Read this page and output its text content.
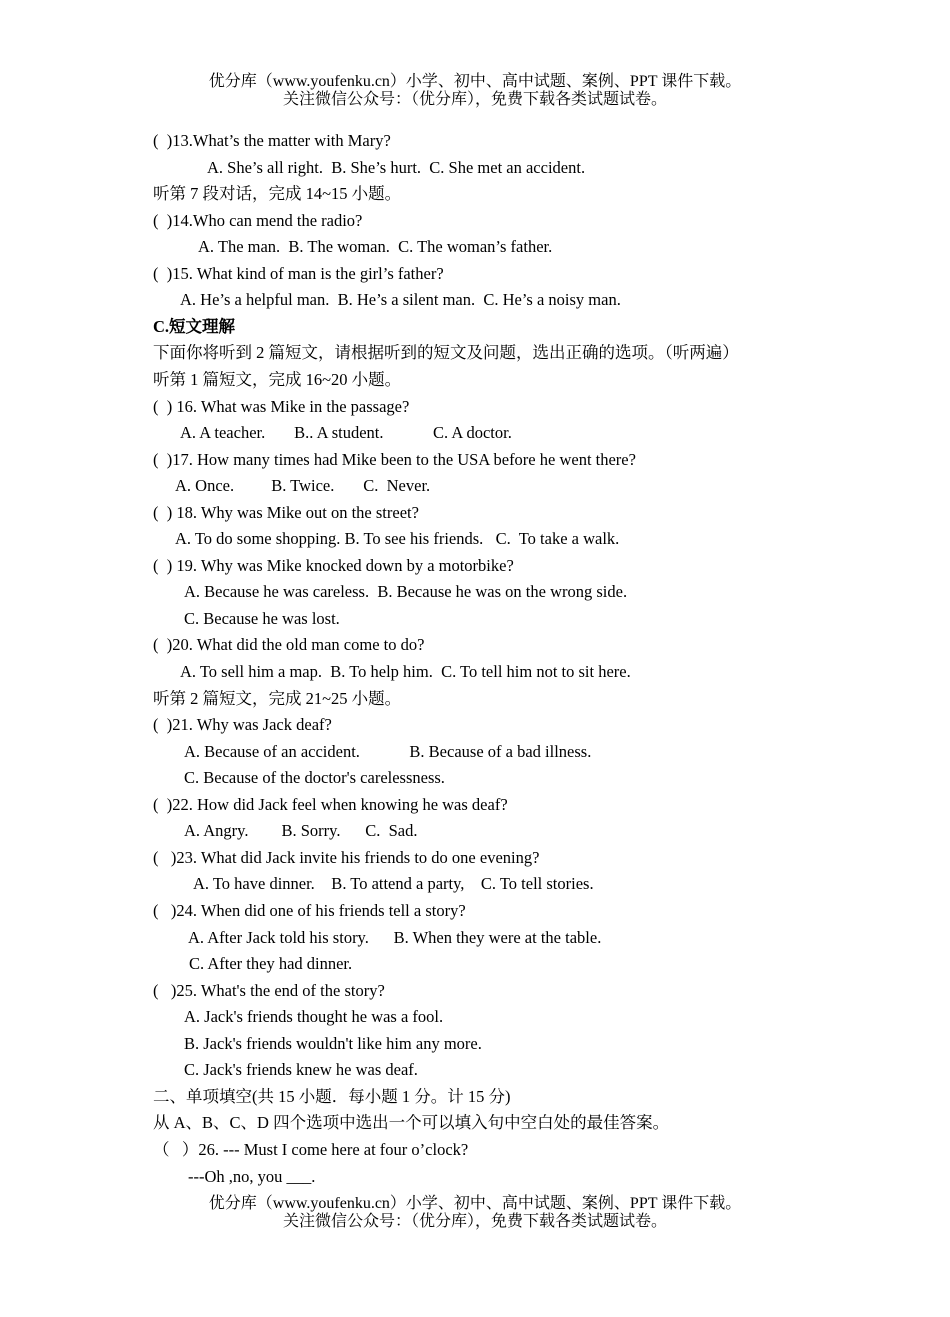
优分库（www.youfenku.cn）小学、初中、高中试题、案例、PPT 课件下载。
关注微信公众号：（优分库），免费下载各类试题试卷。
(  )13.What’s the matter with Mary?
A. She’s all right.  B. She’s hurt.  C. She met an accident.
听第 7 段对话，完成 14~15 小题。
(  )14.Who can mend the radio?
A. The man.  B. The woman.  C. The woman’s father.
(  )15. What kind of man is the girl’s father?
A. He’s a helpful man.  B. He’s a silent man.  C. He’s a noisy man.
C.短文理解
下面你将听到 2 篇短文，请根据听到的短文及问题，选出正确的选项。（听两遍）
听第 1 篇短文，完成 16~20 小题。
(  ) 16. What was Mike in the passage?
A. A teacher.       B.. A student.            C. A doctor.
(  )17. How many times had Mike been to the USA before he went there?
A. Once.         B. Twice.       C.  Never.
(  ) 18. Why was Mike out on the street?
A. To do some shopping. B. To see his friends.   C.  To take a walk.
(  ) 19. Why was Mike knocked down by a motorbike?
A. Because he was careless.  B. Because he was on the wrong side.
C. Because he was lost.
(  )20. What did the old man come to do?
A. To sell him a map.  B. To help him.  C. To tell him not to sit here.
听第 2 篇短文，完成 21~25 小题。
(  )21. Why was Jack deaf?
A. Because of an accident.            B. Because of a bad illness.
C. Because of the doctor's carelessness.
(  )22. How did Jack feel when knowing he was deaf?
A. Angry.        B. Sorry.      C.  Sad.
(   )23. What did Jack invite his friends to do one evening?
A. To have dinner.    B. To attend a party,    C. To tell stories.
(   )24. When did one of his friends tell a story?
A. After Jack told his story.      B. When they were at the table.
C. After they had dinner.
(   )25. What's the end of the story?
A. Jack's friends thought he was a fool.
B. Jack's friends wouldn't like him any more.
C. Jack's friends knew he was deaf.
二、单项填空(共 15 小题．每小题 1 分。计 15 分)
从 A、B、C、D 四个选项中选出一个可以填入句中空白处的最佳答案。
（   ）26. --- Must I come here at four o’clock?
---Oh ,no, you ___.
优分库（www.youfenku.cn）小学、初中、高中试题、案例、PPT 课件下载。
关注微信公众号：（优分库），免费下载各类试题试卷。
